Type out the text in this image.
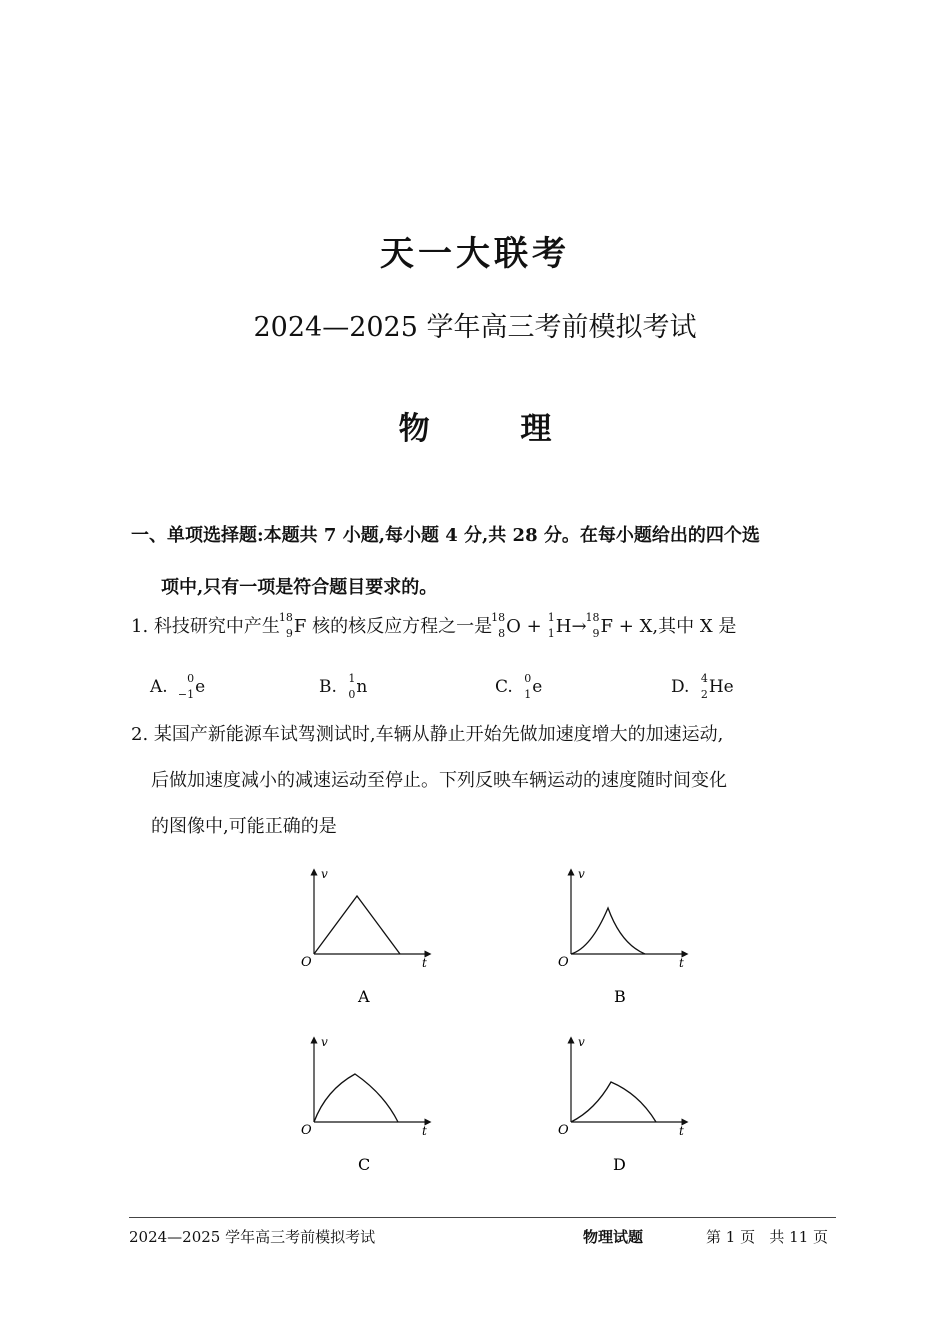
天一大联考
2024—2025 学年高三考前模拟考试
物 理
一、单项选择题:本题共 7 小题,每小题 4 分,共 28 分。在每小题给出的四个选
项中,只有一项是符合题目要求的。
1. 科技研究中产生 18
9 F 核的核反应方程之一是 18
8 O + 1
1 H→ 18
9 F + X,其中 X 是
A. 0
−1 e	B. 1
0 n	C. 0
1 e	D. 4
2 He
2. 某国产新能源车试驾测试时,车辆从静止开始先做加速度增大的加速运动,
后做加速度减小的减速运动至停止。下列反映车辆运动的速度随时间变化
的图像中,可能正确的是
v
t
O
A
v
t
O
B
v
t
O
C
v
t
O
D
2024—2025 学年高三考前模拟考试	物理试题	第 1 页   共 11 页
